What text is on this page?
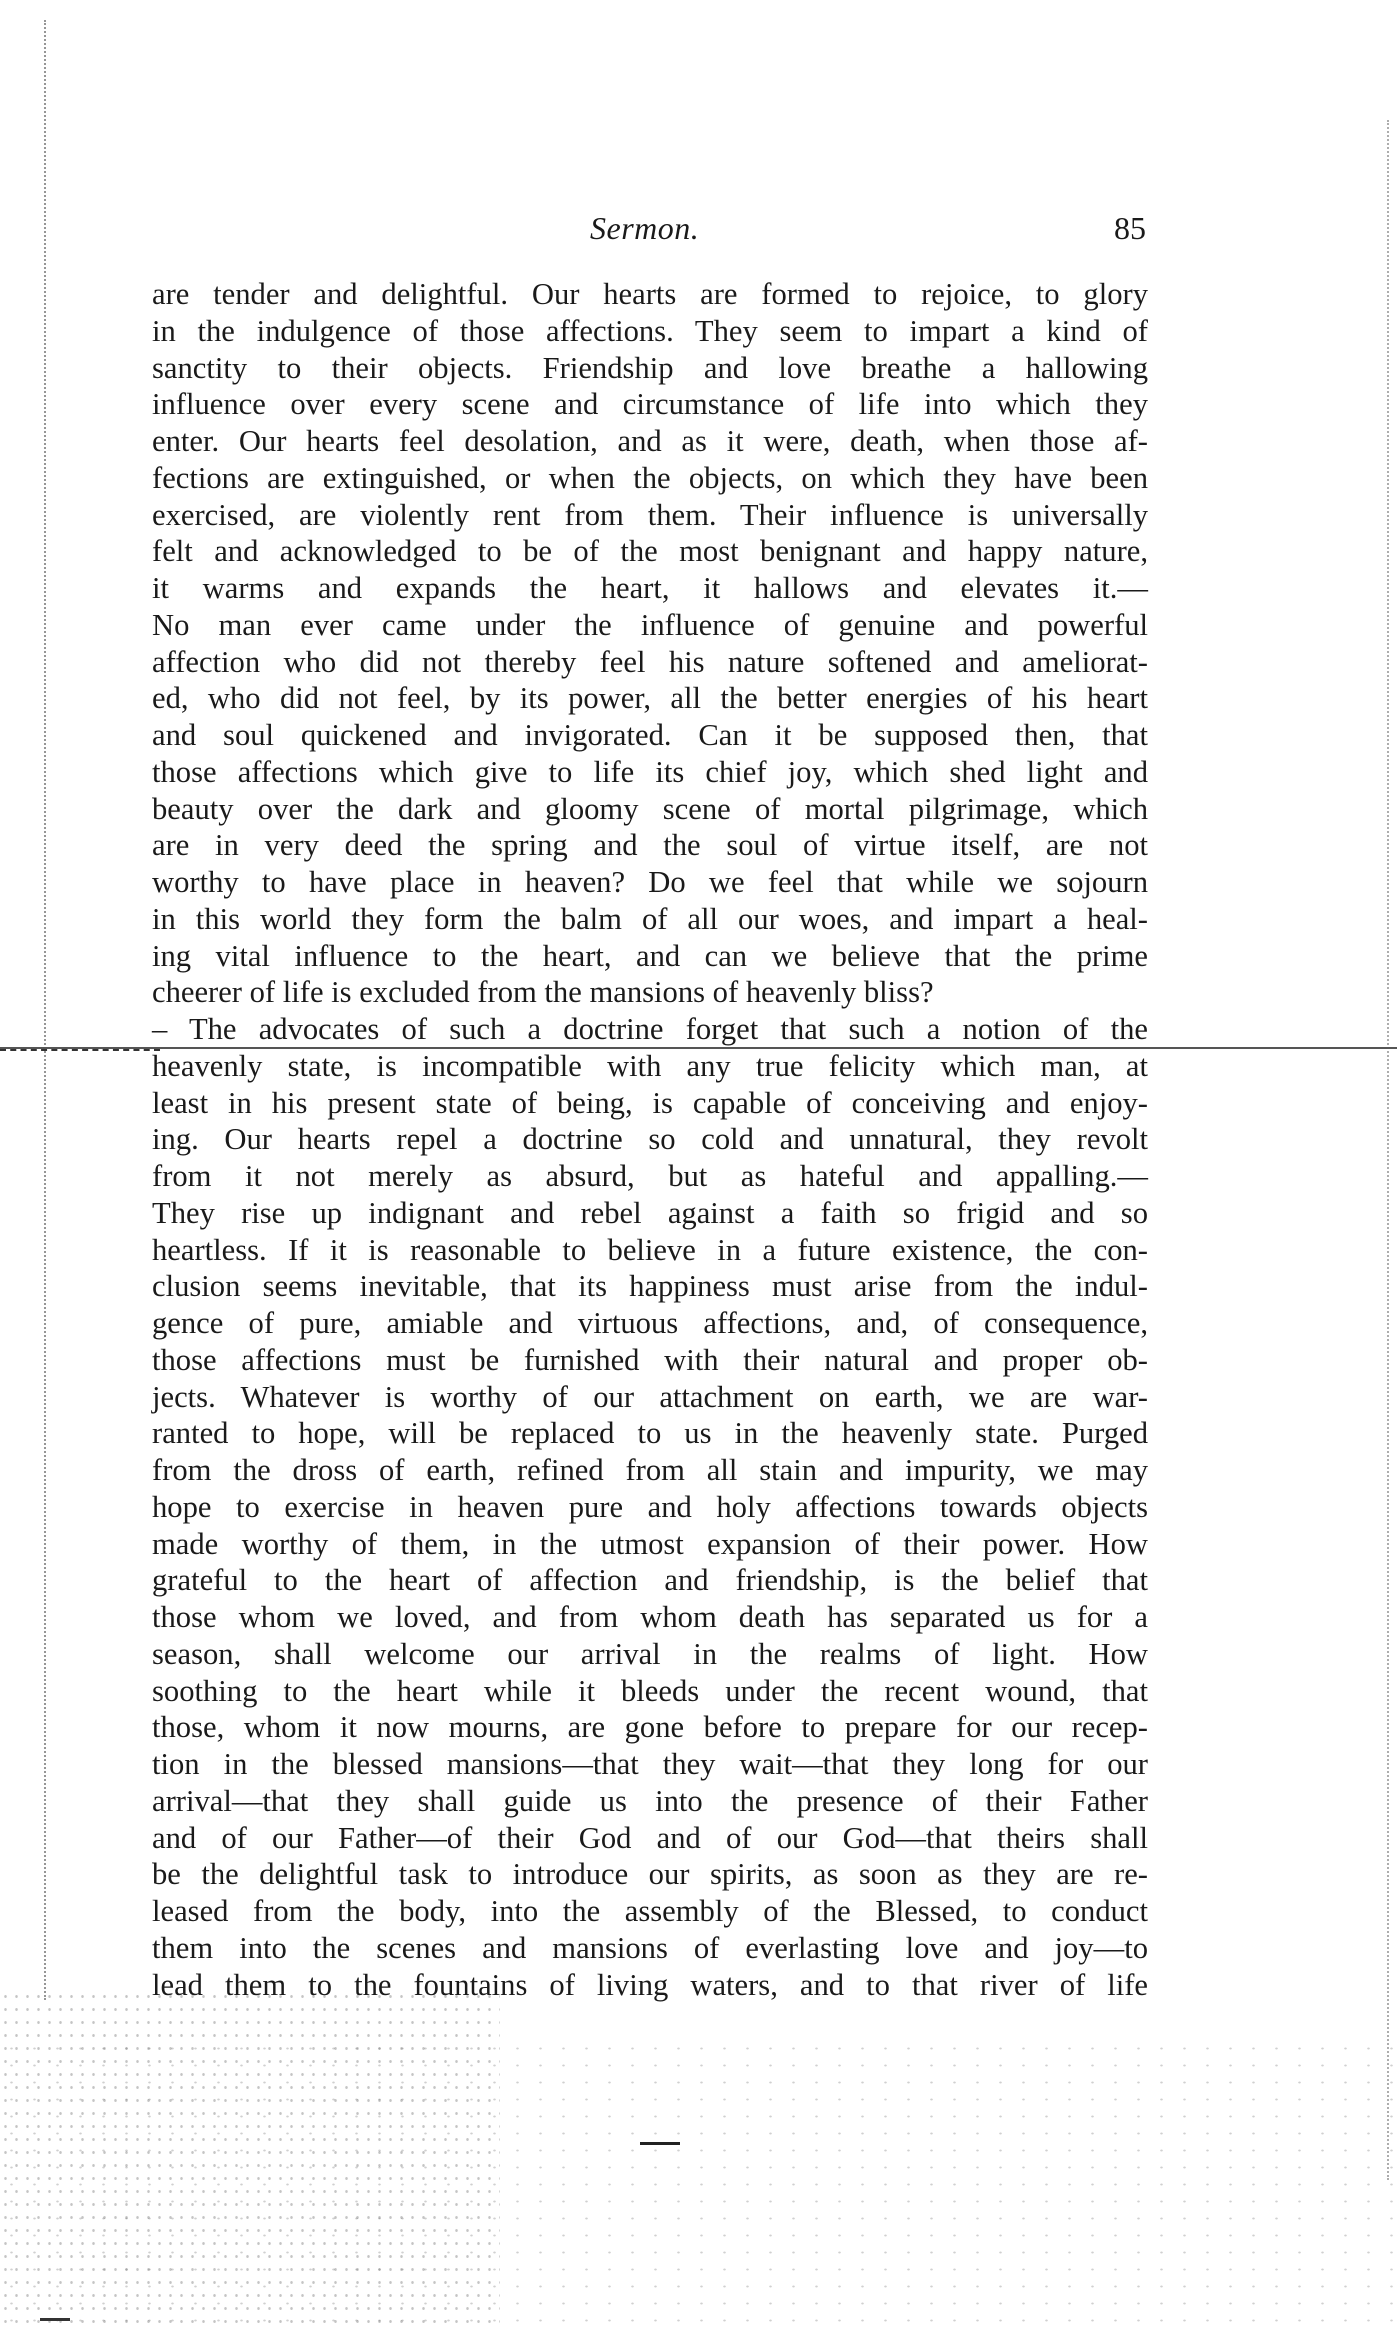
Sermon.	85
are tender and delightful. Our hearts are formed to rejoice, to glory
in the indulgence of those affections. They seem to impart a kind of
sanctity to their objects. Friendship and love breathe a hallowing
influence over every scene and circumstance of life into which they
enter. Our hearts feel desolation, and as it were, death, when those af-
fections are extinguished, or when the objects, on which they have been
exercised, are violently rent from them. Their influence is universally
felt and acknowledged to be of the most benignant and happy nature,
it warms and expands the heart, it hallows and elevates it.—
No man ever came under the influence of genuine and powerful
affection who did not thereby feel his nature softened and ameliorat-
ed, who did not feel, by its power, all the better energies of his heart
and soul quickened and invigorated. Can it be supposed then, that
those affections which give to life its chief joy, which shed light and
beauty over the dark and gloomy scene of mortal pilgrimage, which
are in very deed the spring and the soul of virtue itself, are not
worthy to have place in heaven? Do we feel that while we sojourn
in this world they form the balm of all our woes, and impart a heal-
ing vital influence to the heart, and can we believe that the prime
cheerer of life is excluded from the mansions of heavenly bliss?
– The advocates of such a doctrine forget that such a notion of the
heavenly state, is incompatible with any true felicity which man, at
least in his present state of being, is capable of conceiving and enjoy-
ing. Our hearts repel a doctrine so cold and unnatural, they revolt
from it not merely as absurd, but as hateful and appalling.—
They rise up indignant and rebel against a faith so frigid and so
heartless. If it is reasonable to believe in a future existence, the con-
clusion seems inevitable, that its happiness must arise from the indul-
gence of pure, amiable and virtuous affections, and, of consequence,
those affections must be furnished with their natural and proper ob-
jects. Whatever is worthy of our attachment on earth, we are war-
ranted to hope, will be replaced to us in the heavenly state. Purged
from the dross of earth, refined from all stain and impurity, we may
hope to exercise in heaven pure and holy affections towards objects
made worthy of them, in the utmost expansion of their power. How
grateful to the heart of affection and friendship, is the belief that
those whom we loved, and from whom death has separated us for a
season, shall welcome our arrival in the realms of light. How
soothing to the heart while it bleeds under the recent wound, that
those, whom it now mourns, are gone before to prepare for our recep-
tion in the blessed mansions—that they wait—that they long for our
arrival—that they shall guide us into the presence of their Father
and of our Father—of their God and of our God—that theirs shall
be the delightful task to introduce our spirits, as soon as they are re-
leased from the body, into the assembly of the Blessed, to conduct
them into the scenes and mansions of everlasting love and joy—to
lead them to the fountains of living waters, and to that river of life
